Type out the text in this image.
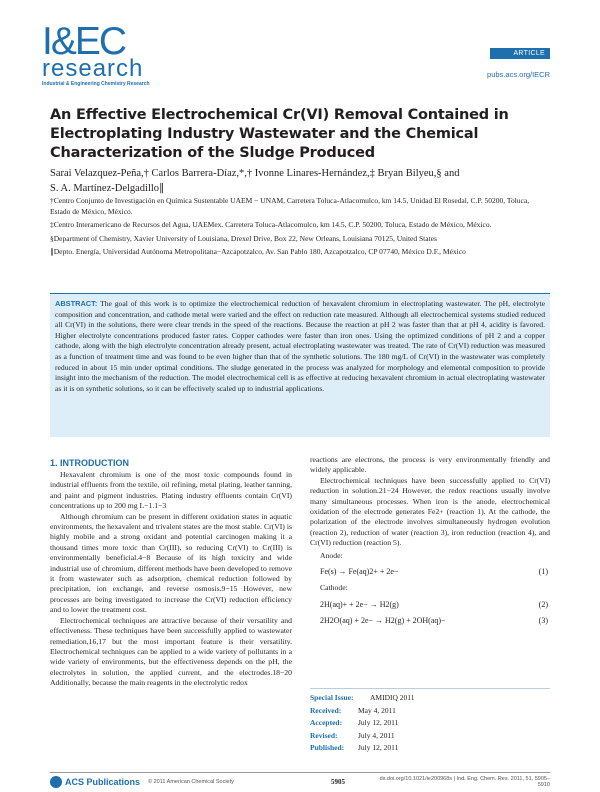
I&EC
research
Industrial & Engineering Chemistry Research
ARTICLE
pubs.acs.org/IECR
An Effective Electrochemical Cr(VI) Removal Contained in Electroplating Industry Wastewater and the Chemical Characterization of the Sludge Produced
Sarai Velazquez-Peña,† Carlos Barrera-Díaz,*,† Ivonne Linares-Hernández,‡ Bryan Bilyeu,§ and
S. A. Martínez-Delgadillo∥
†Centro Conjunto de Investigación en Química Sustentable UAEM − UNAM, Carretera Toluca-Atlacomulco, km 14.5, Unidad El Rosedal, C.P. 50200, Toluca, Estado de México, México.
‡Centro Interamericano de Recursos del Agua, UAEMex. Carretera Toluca-Atlacomulco, km 14.5, C.P. 50200, Toluca, Estado de México, México.
§Department of Chemistry, Xavier University of Louisiana, Drexel Drive, Box 22, New Orleans, Louisiana 70125, United States
∥Depto. Energía, Universidad Autónoma Metropolitana−Azcapotzalco, Av. San Pablo 180, Azcapotzalco, CP 07740, México D.F., México
ABSTRACT: The goal of this work is to optimize the electrochemical reduction of hexavalent chromium in electroplating wastewater. The pH, electrolyte composition and concentration, and cathode metal were varied and the effect on reduction rate measured. Although all electrochemical systems studied reduced all Cr(VI) in the solutions, there were clear trends in the speed of the reactions. Because the reaction at pH 2 was faster than that at pH 4, acidity is favored. Higher electrolyte concentrations produced faster rates. Copper cathodes were faster than iron ones. Using the optimized conditions of pH 2 and a copper cathode, along with the high electrolyte concentration already present, actual electroplating wastewater was treated. The rate of Cr(VI) reduction was measured as a function of treatment time and was found to be even higher than that of the synthetic solutions. The 180 mg/L of Cr(VI) in the wastewater was completely reduced in about 15 min under optimal conditions. The sludge generated in the process was analyzed for morphology and elemental composition to provide insight into the mechanism of the reduction. The model electrochemical cell is as effective at reducing hexavalent chromium in actual electroplating wastewater as it is on synthetic solutions, so it can be effectively scaled up to industrial applications.
1. INTRODUCTION

Hexavalent chromium is one of the most toxic compounds found in industrial effluents from the textile, oil refining, metal plating, leather tanning, and paint and pigment industries. Plating industry effluents contain Cr(VI) concentrations up to 200 mg L−1.1−3

Although chromium can be present in different oxidation states in aquatic environments, the hexavalent and trivalent states are the most stable. Cr(VI) is highly mobile and a strong oxidant and potential carcinogen making it a thousand times more toxic than Cr(III), so reducing Cr(VI) to Cr(III) is environmentally beneficial.4−8 Because of its high toxicity and wide industrial use of chromium, different methods have been developed to remove it from wastewater such as adsorption, chemical reduction followed by precipitation, ion exchange, and reverse osmosis.9−15 However, new processes are being investigated to increase the Cr(VI) reduction efficiency and to lower the treatment cost.

Electrochemical techniques are attractive because of their versatility and effectiveness. These techniques have been successfully applied to wastewater remediation,16,17 but the most important feature is their versatility. Electrochemical techniques can be applied to a wide variety of pollutants in a wide variety of environments, but the effectiveness depends on the pH, the electrolytes in solution, the applied current, and the electrodes.18−20 Additionally, because the main reagents in the electrolytic redox

reactions are electrons, the process is very environmentally friendly and widely applicable.

Electrochemical techniques have been successfully applied to Cr(VI) reduction in solution.21−24 However, the redox reactions usually involve many simultaneous processes. When iron is the anode, electrochemical oxidation of the electrode generates Fe2+ (reaction 1). At the cathode, the polarization of the electrode involves simultaneously hydrogen evolution (reaction 2), reduction of water (reaction 3), iron reduction (reaction 4), and Cr(VI) reduction (reaction 5).

Anode:

Fe(s) → Fe(aq)2+ + 2e−	(1)

Cathode:

2H(aq)+ + 2e− → H2(g)	(2)
2H2O(aq) + 2e− → H2(g) + 2OH(aq)−	(3)
Special Issue:	AMIDIQ 2011
Received:	May 4, 2011
Accepted:	July 12, 2011
Revised:	July 4, 2011
Published:	July 12, 2011
ACS Publications © 2011 American Chemical Society	5905	dx.doi.org/10.1021/ie200968s | Ind. Eng. Chem. Res. 2011, 51, 5905–5910
